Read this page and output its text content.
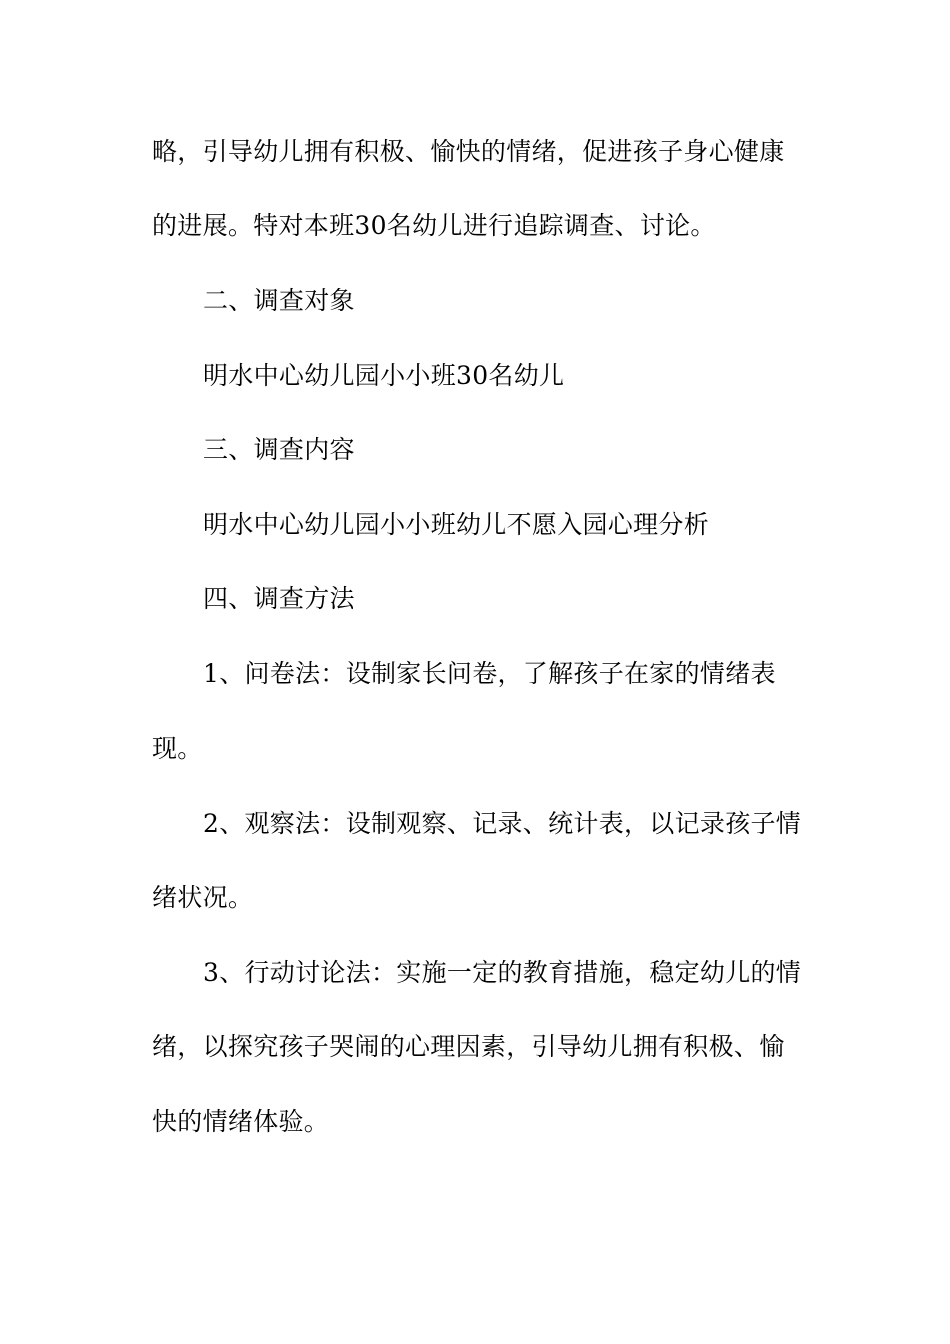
略，引导幼儿拥有积极、愉快的情绪，促进孩子身心健康
的进展。特对本班30名幼儿进行追踪调查、讨论。
二、调查对象
明水中心幼儿园小小班30名幼儿
三、调查内容
明水中心幼儿园小小班幼儿不愿入园心理分析
四、调查方法
1、问卷法：设制家长问卷，了解孩子在家的情绪表
现。
2、观察法：设制观察、记录、统计表，以记录孩子情
绪状况。
3、行动讨论法：实施一定的教育措施，稳定幼儿的情
绪，以探究孩子哭闹的心理因素，引导幼儿拥有积极、愉
快的情绪体验。
